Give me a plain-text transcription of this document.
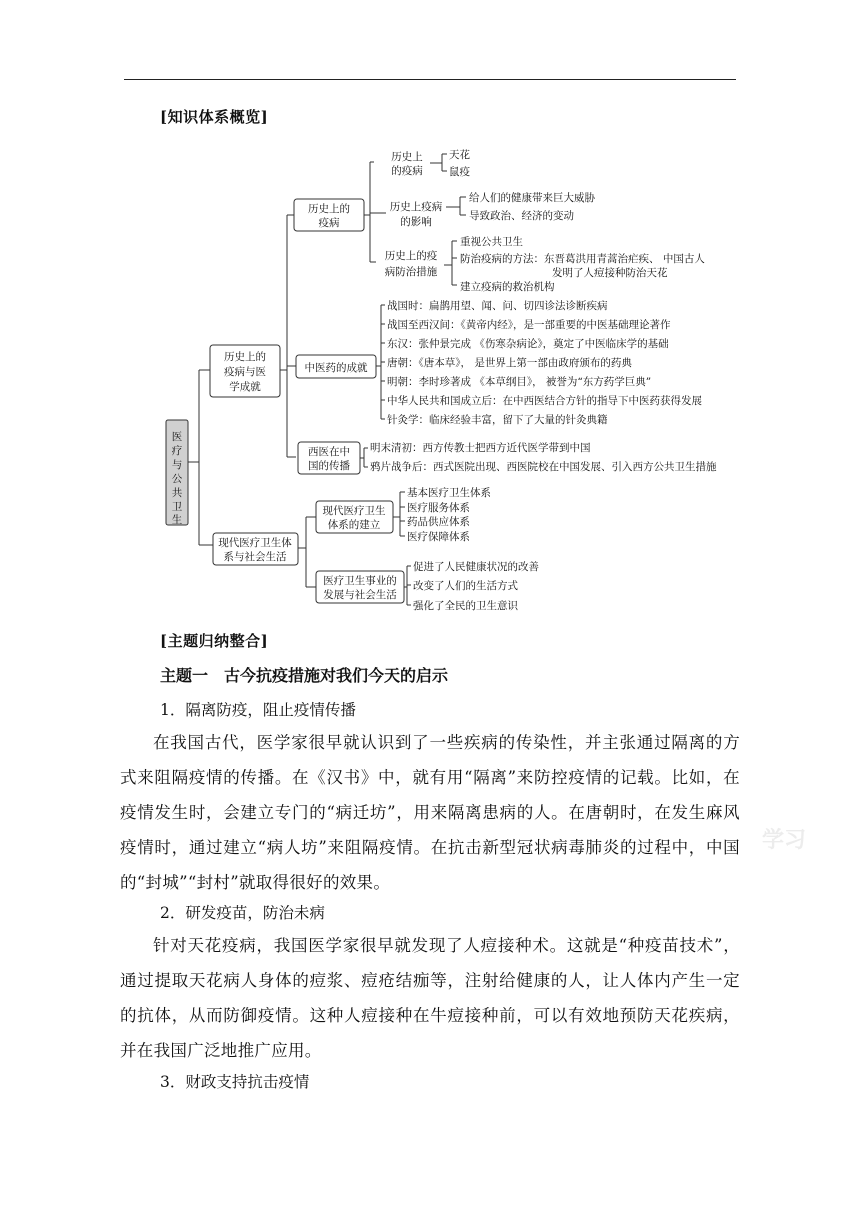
[知识体系概览]
医
疗
与
公
共
卫
生
历史上的
疫病与医
学成就
历史上的
疫病
历史上
的疫病
天花
鼠疫
历史上疫病
的影响
给人们的健康带来巨大威胁
导致政治、经济的变动
历史上的疫
病防治措施
重视公共卫生
防治疫病的方法：东晋葛洪用青蒿治疟疾、 中国古人
发明了人痘接种防治天花
建立疫病的救治机构
中医药的成就
战国时：扁鹊用望、闻、问、切四诊法诊断疾病
战国至西汉间：《黄帝内经》，是一部重要的中医基础理论著作
东汉：张仲景完成 《伤寒杂病论》，奠定了中医临床学的基础
唐朝：《唐本草》， 是世界上第一部由政府颁布的药典
明朝：李时珍著成 《本草纲目》， 被誉为“东方药学巨典”
中华人民共和国成立后：在中西医结合方针的指导下中医药获得发展
针灸学：临床经验丰富，留下了大量的针灸典籍
西医在中
国的传播
明末清初：西方传教士把西方近代医学带到中国
鸦片战争后：西式医院出现、西医院校在中国发展、引入西方公共卫生措施
现代医疗卫生体
系与社会生活
现代医疗卫生
体系的建立
基本医疗卫生体系
医疗服务体系
药品供应体系
医疗保障体系
医疗卫生事业的
发展与社会生活
促进了人民健康状况的改善
改变了人们的生活方式
强化了全民的卫生意识
[主题归纳整合]
主题一　古今抗疫措施对我们今天的启示
1．隔离防疫，阻止疫情传播
在我国古代，医学家很早就认识到了一些疾病的传染性，并主张通过隔离的方式来阻隔疫情的传播。在《汉书》中，就有用“隔离”来防控疫情的记载。比如，在疫情发生时，会建立专门的“病迁坊”，用来隔离患病的人。在唐朝时，在发生麻风疫情时，通过建立“病人坊”来阻隔疫情。在抗击新型冠状病毒肺炎的过程中，中国的“封城”“封村”就取得很好的效果。
2．研发疫苗，防治未病
针对天花疫病，我国医学家很早就发现了人痘接种术。这就是“种疫苗技术”，通过提取天花病人身体的痘浆、痘疮结痂等，注射给健康的人，让人体内产生一定的抗体，从而防御疫情。这种人痘接种在牛痘接种前，可以有效地预防天花疾病，并在我国广泛地推广应用。
3．财政支持抗击疫情
学习
